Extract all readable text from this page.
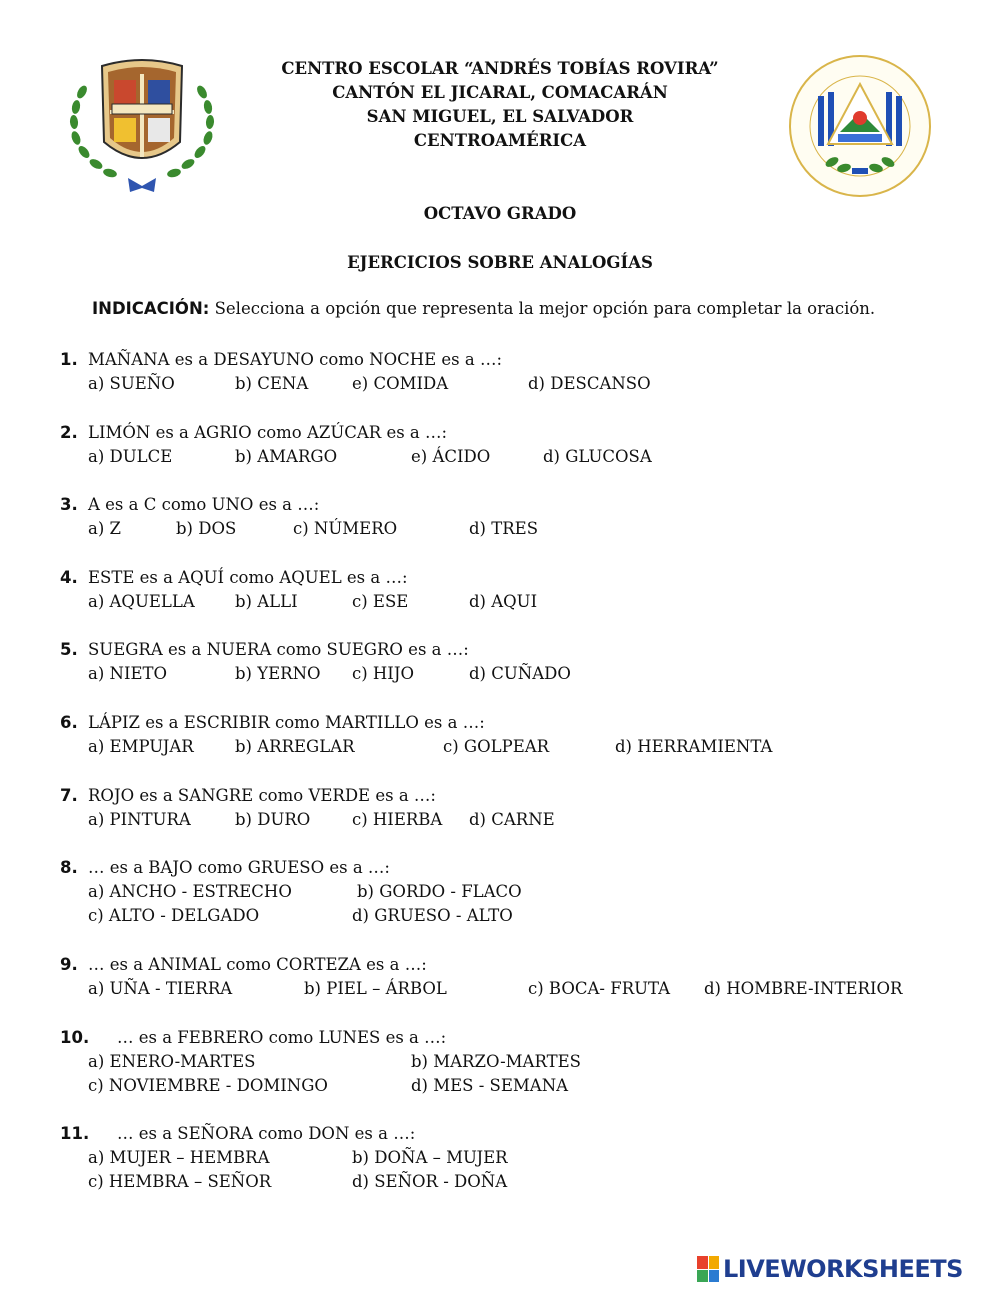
CENTRO ESCOLAR “ANDRÉS TOBÍAS ROVIRA”
CANTÓN EL JICARAL, COMACARÁN
SAN MIGUEL, EL SALVADOR
CENTROAMÉRICA
OCTAVO GRADO
EJERCICIOS SOBRE ANALOGÍAS
INDICACIÓN: Selecciona a opción que representa la mejor opción para completar la oración.
1. MAÑANA es a DESAYUNO como NOCHE es a …:
a) SUEÑO	b) CENA	e) COMIDA	d) DESCANSO
2. LIMÓN es a AGRIO como AZÚCAR es a …:
a) DULCE	b) AMARGO	e) ÁCIDO	d) GLUCOSA
3. A es a C como UNO es a …:
a) Z	b) DOS	c) NÚMERO	d) TRES
4. ESTE es a AQUÍ como AQUEL es a …:
a) AQUELLA b) ALLI	c) ESE	d) AQUI
5. SUEGRA es a NUERA como SUEGRO es a …:
a) NIETO	b) YERNO c) HIJO	d) CUÑADO
6. LÁPIZ es a ESCRIBIR como MARTILLO es a …:
a) EMPUJAR	b) ARREGLAR	c) GOLPEAR	d) HERRAMIENTA
7. ROJO es a SANGRE como VERDE es a …:
a) PINTURA	b) DURO	c) HIERBA d) CARNE
8. … es a BAJO como GRUESO es a …:
a) ANCHO - ESTRECHO	b) GORDO - FLACO
c) ALTO - DELGADO	d) GRUESO - ALTO
9. … es a ANIMAL como CORTEZA es a …:
a) UÑA - TIERRA	b) PIEL – ÁRBOL	c) BOCA- FRUTA d) HOMBRE-INTERIOR
10. … es a FEBRERO como LUNES es a …:
a) ENERO-MARTES	b) MARZO-MARTES
c) NOVIEMBRE - DOMINGO	d) MES - SEMANA
11. … es a SEÑORA como DON es a …:
a) MUJER – HEMBRA	b) DOÑA – MUJER
c) HEMBRA – SEÑOR	d) SEÑOR - DOÑA
LIVEWORKSHEETS
